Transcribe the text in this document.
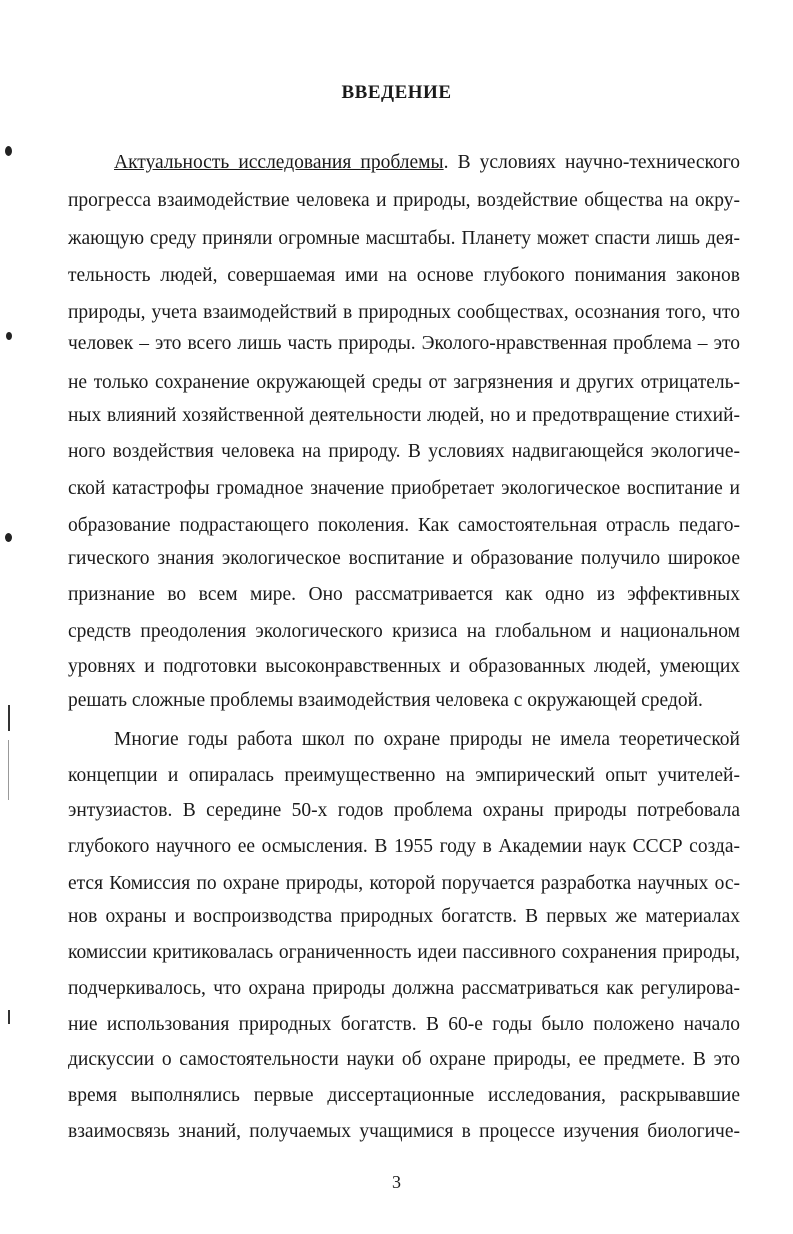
ВВЕДЕНИЕ
Актуальность исследования проблемы. В условиях научно-технического
прогресса взаимодействие человека и природы, воздействие общества на окру-
жающую среду приняли огромные масштабы. Планету может спасти лишь дея-
тельность людей, совершаемая ими на основе глубокого понимания законов
природы, учета взаимодействий в природных сообществах, осознания того, что
человек – это всего лишь часть природы. Эколого-нравственная проблема – это
не только сохранение окружающей среды от загрязнения и других отрицатель-
ных влияний хозяйственной деятельности людей, но и предотвращение стихий-
ного воздействия человека на природу. В условиях надвигающейся экологиче-
ской катастрофы громадное значение приобретает экологическое воспитание и
образование подрастающего поколения. Как самостоятельная отрасль педаго-
гического знания экологическое воспитание и образование получило широкое
признание во всем мире. Оно рассматривается как одно из эффективных
средств преодоления экологического кризиса на глобальном и национальном
уровнях и подготовки высоконравственных и образованных людей, умеющих
решать сложные проблемы взаимодействия человека с окружающей средой.
Многие годы работа школ по охране природы не имела теоретической
концепции и опиралась преимущественно на эмпирический опыт учителей-
энтузиастов. В середине 50-х годов проблема охраны природы потребовала
глубокого научного ее осмысления. В 1955 году в Академии наук СССР созда-
ется Комиссия по охране природы, которой поручается разработка научных ос-
нов охраны и воспроизводства природных богатств. В первых же материалах
комиссии критиковалась ограниченность идеи пассивного сохранения природы,
подчеркивалось, что охрана природы должна рассматриваться как регулирова-
ние использования природных богатств. В 60-е годы было положено начало
дискуссии о самостоятельности науки об охране природы, ее предмете. В это
время выполнялись первые диссертационные исследования, раскрывавшие
взаимосвязь знаний, получаемых учащимися в процессе изучения биологиче-
3
